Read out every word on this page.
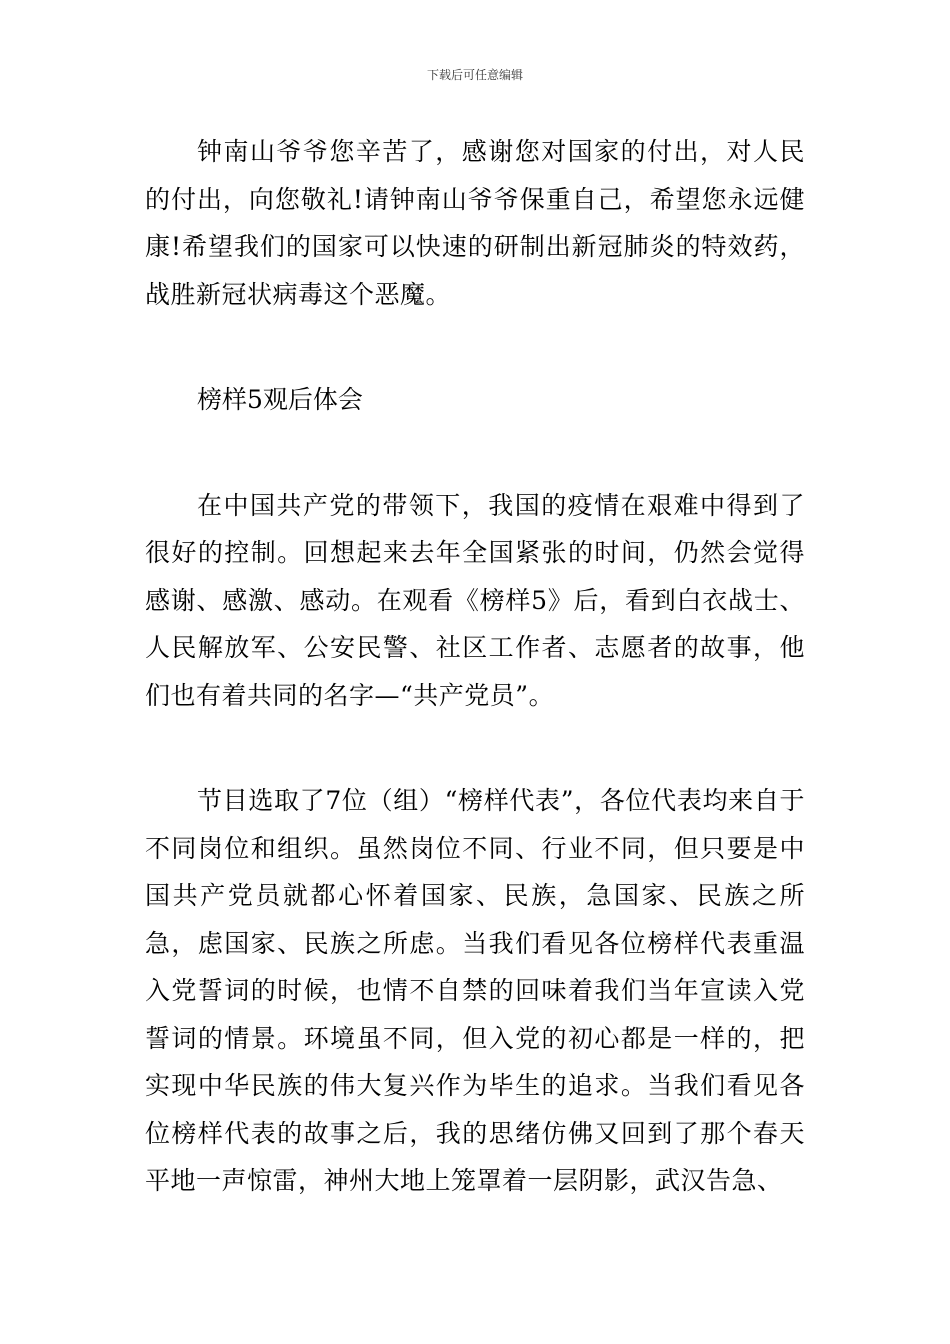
下载后可任意编辑

钟南山爷爷您辛苦了，感谢您对国家的付出，对人民的付出，向您敬礼!请钟南山爷爷保重自己，希望您永远健康!希望我们的国家可以快速的研制出新冠肺炎的特效药，战胜新冠状病毒这个恶魔。

榜样5观后体会

在中国共产党的带领下，我国的疫情在艰难中得到了很好的控制。回想起来去年全国紧张的时间，仍然会觉得感谢、感激、感动。在观看《榜样5》后，看到白衣战士、人民解放军、公安民警、社区工作者、志愿者的故事，他们也有着共同的名字—“共产党员”。

节目选取了7位（组）“榜样代表”，各位代表均来自于不同岗位和组织。虽然岗位不同、行业不同，但只要是中国共产党员就都心怀着国家、民族，急国家、民族之所急，虑国家、民族之所虑。当我们看见各位榜样代表重温入党誓词的时候，也情不自禁的回味着我们当年宣读入党誓词的情景。环境虽不同，但入党的初心都是一样的，把实现中华民族的伟大复兴作为毕生的追求。当我们看见各位榜样代表的故事之后，我的思绪仿佛又回到了那个春天平地一声惊雷，神州大地上笼罩着一层阴影，武汉告急、
